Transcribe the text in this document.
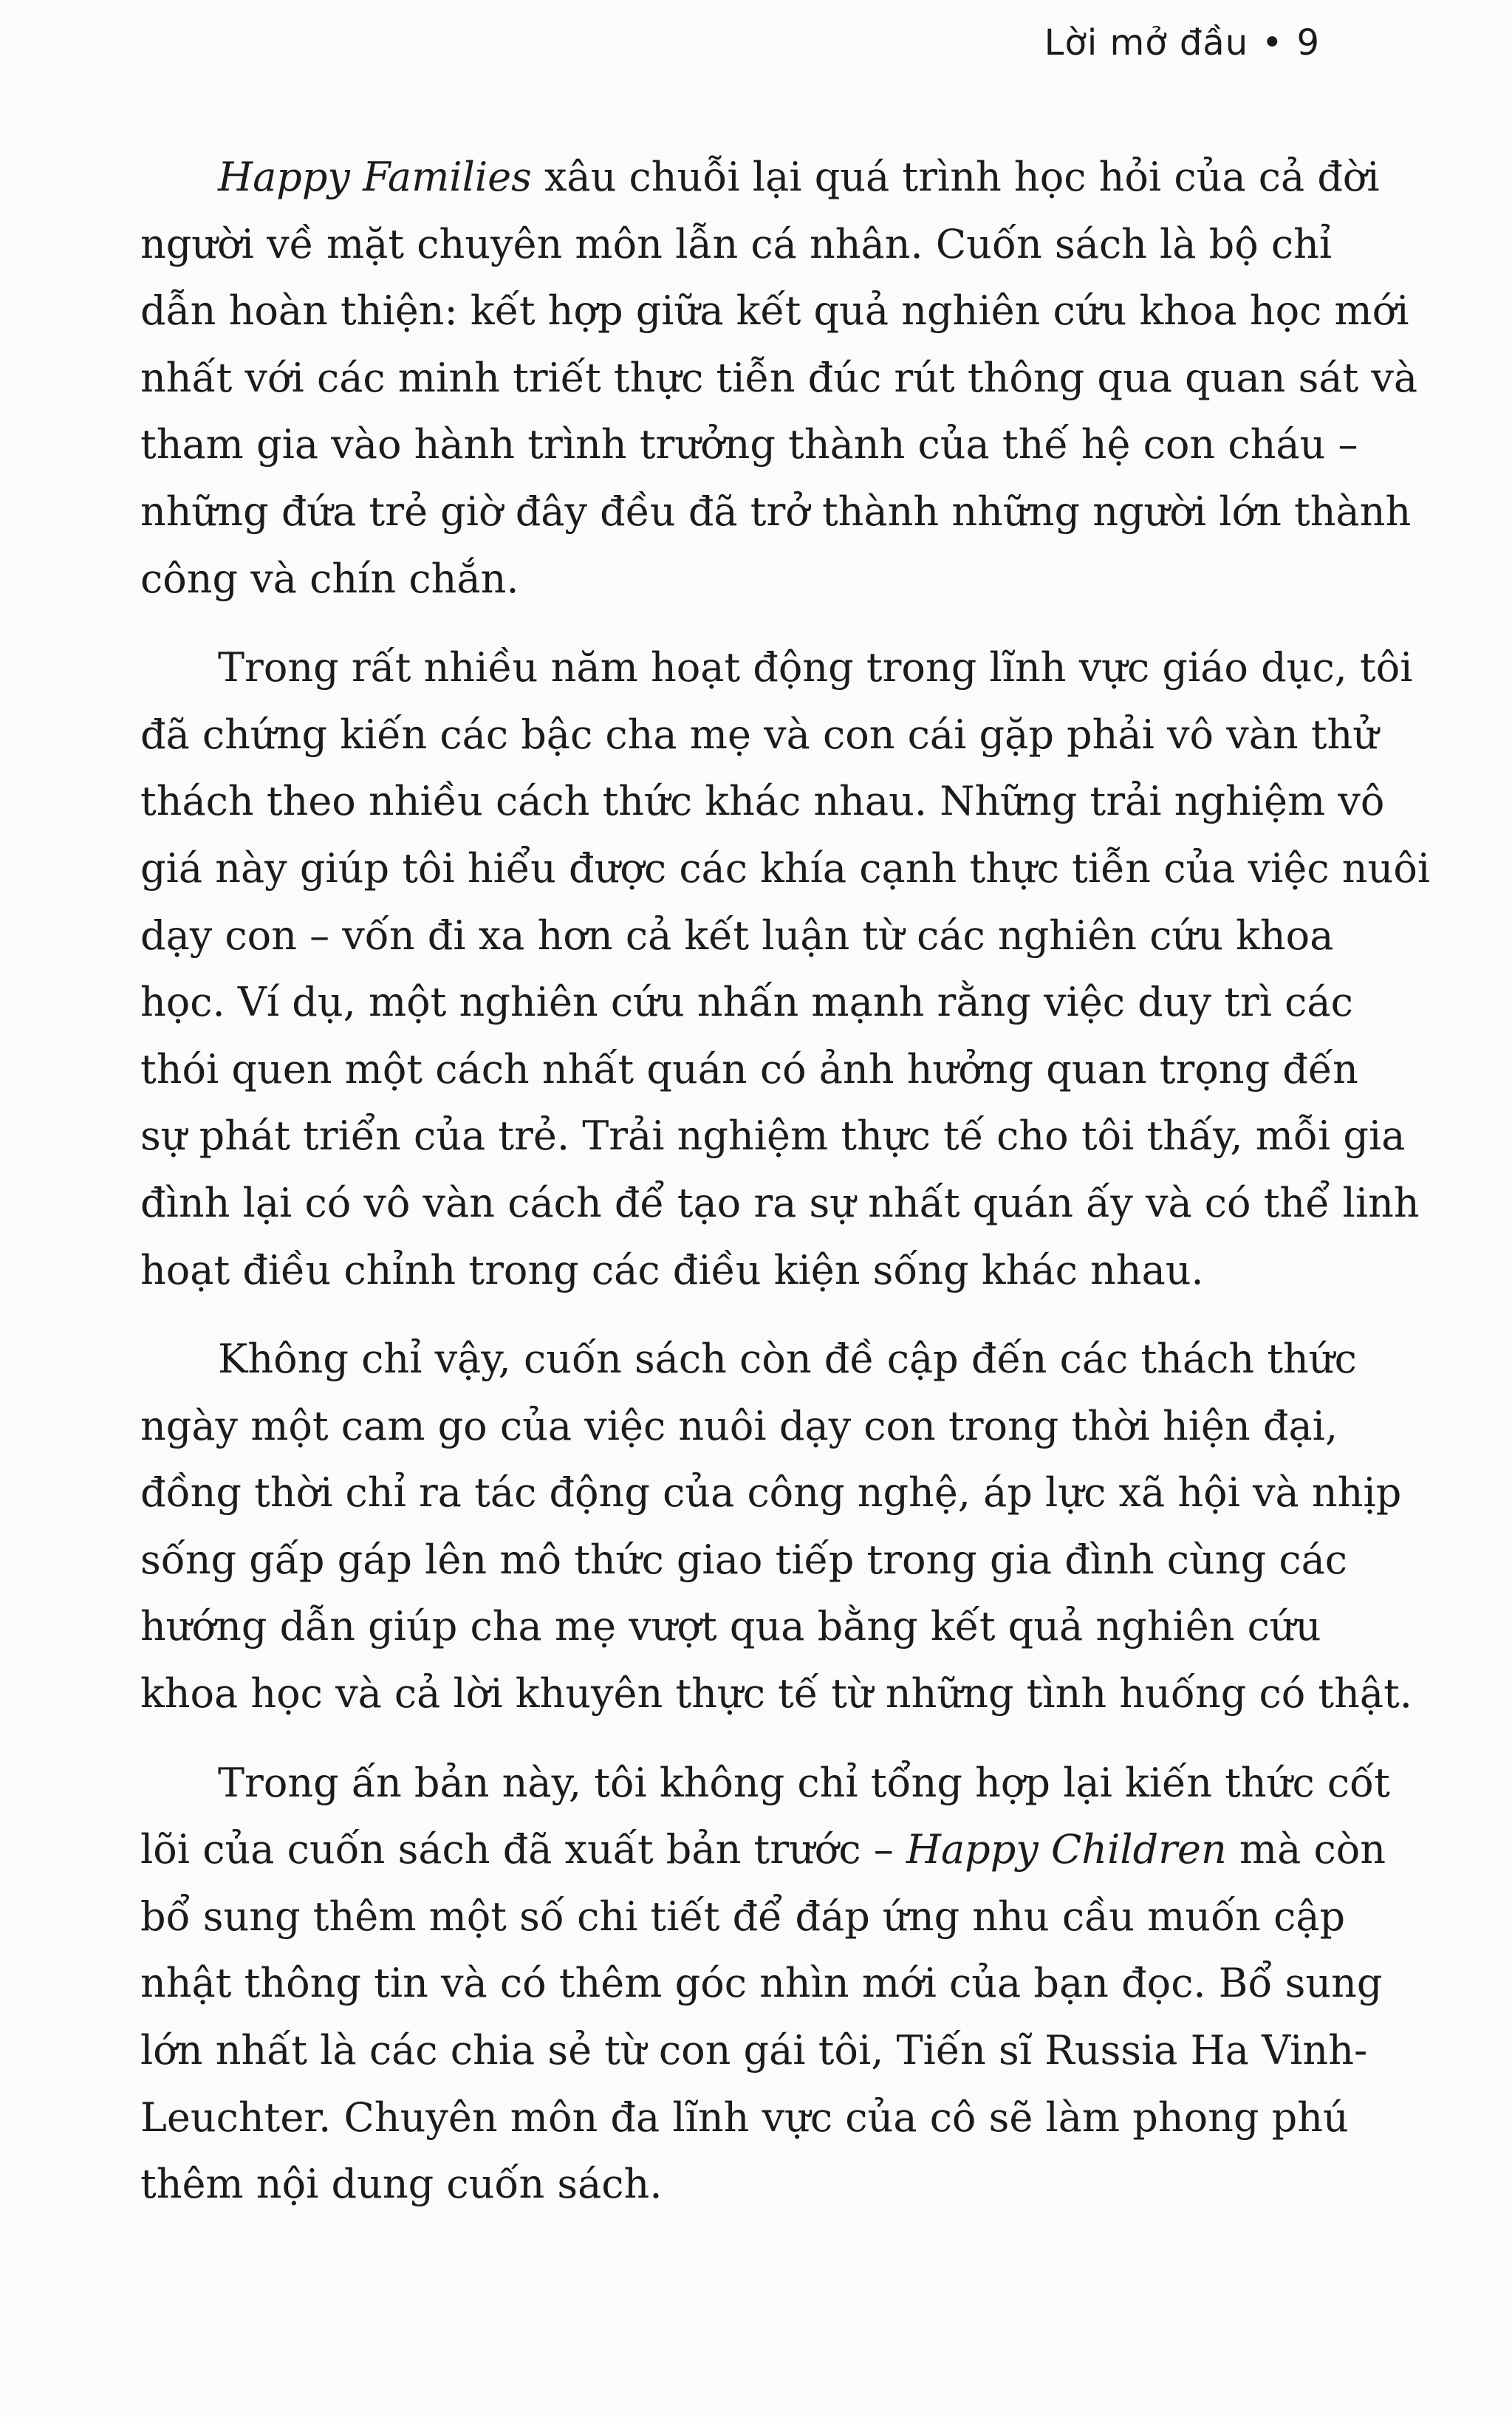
Lời mở đầu • 9
Happy Families xâu chuỗi lại quá trình học hỏi của cả đời
người về mặt chuyên môn lẫn cá nhân. Cuốn sách là bộ chỉ
dẫn hoàn thiện: kết hợp giữa kết quả nghiên cứu khoa học mới
nhất với các minh triết thực tiễn đúc rút thông qua quan sát và
tham gia vào hành trình trưởng thành của thế hệ con cháu –
những đứa trẻ giờ đây đều đã trở thành những người lớn thành
công và chín chắn.
Trong rất nhiều năm hoạt động trong lĩnh vực giáo dục, tôi
đã chứng kiến các bậc cha mẹ và con cái gặp phải vô vàn thử
thách theo nhiều cách thức khác nhau. Những trải nghiệm vô
giá này giúp tôi hiểu được các khía cạnh thực tiễn của việc nuôi
dạy con – vốn đi xa hơn cả kết luận từ các nghiên cứu khoa
học. Ví dụ, một nghiên cứu nhấn mạnh rằng việc duy trì các
thói quen một cách nhất quán có ảnh hưởng quan trọng đến
sự phát triển của trẻ. Trải nghiệm thực tế cho tôi thấy, mỗi gia
đình lại có vô vàn cách để tạo ra sự nhất quán ấy và có thể linh
hoạt điều chỉnh trong các điều kiện sống khác nhau.
Không chỉ vậy, cuốn sách còn đề cập đến các thách thức
ngày một cam go của việc nuôi dạy con trong thời hiện đại,
đồng thời chỉ ra tác động của công nghệ, áp lực xã hội và nhịp
sống gấp gáp lên mô thức giao tiếp trong gia đình cùng các
hướng dẫn giúp cha mẹ vượt qua bằng kết quả nghiên cứu
khoa học và cả lời khuyên thực tế từ những tình huống có thật.
Trong ấn bản này, tôi không chỉ tổng hợp lại kiến thức cốt
lõi của cuốn sách đã xuất bản trước – Happy Children mà còn
bổ sung thêm một số chi tiết để đáp ứng nhu cầu muốn cập
nhật thông tin và có thêm góc nhìn mới của bạn đọc. Bổ sung
lớn nhất là các chia sẻ từ con gái tôi, Tiến sĩ Russia Ha Vinh-
Leuchter. Chuyên môn đa lĩnh vực của cô sẽ làm phong phú
thêm nội dung cuốn sách.
